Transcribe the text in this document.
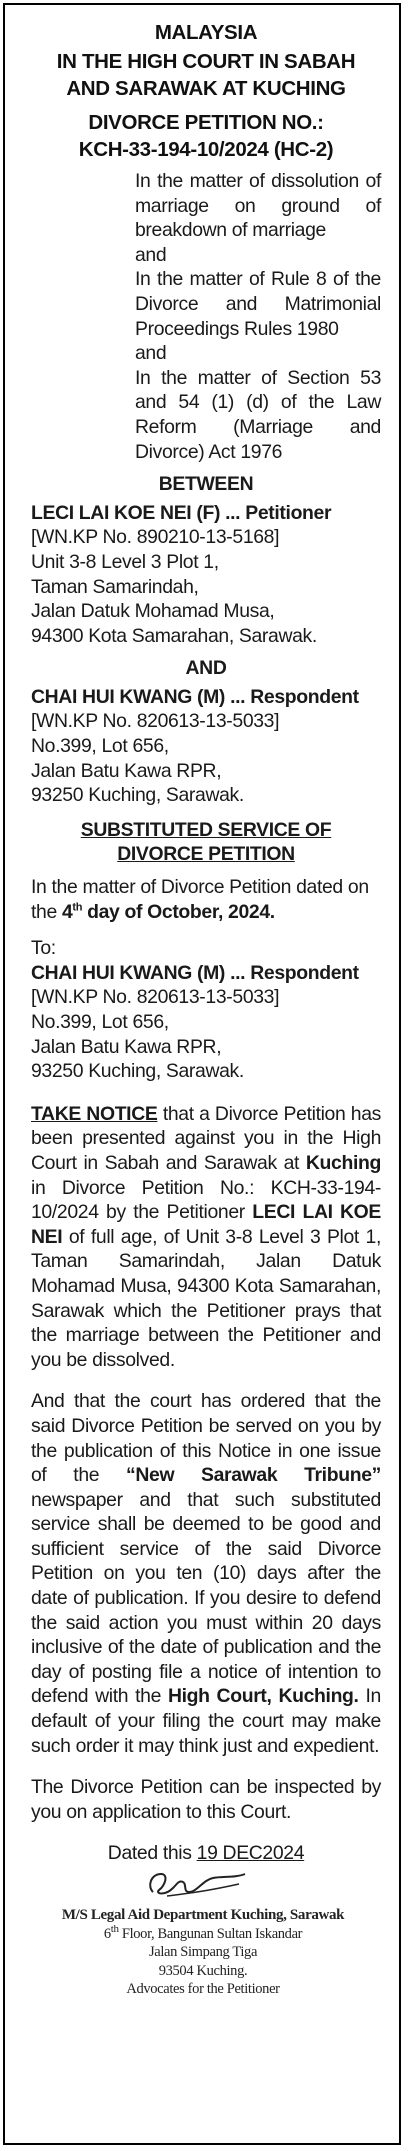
MALAYSIA
IN THE HIGH COURT IN SABAH
AND SARAWAK AT KUCHING
DIVORCE PETITION NO.:
KCH-33-194-10/2024 (HC-2)
In the matter of dissolution of marriage on ground of breakdown of marriage
and
In the matter of Rule 8 of the Divorce and Matrimonial Proceedings Rules 1980
and
In the matter of Section 53 and 54 (1) (d) of the Law Reform (Marriage and Divorce) Act 1976
BETWEEN
LECI LAI KOE NEI (F) ... Petitioner
[WN.KP No. 890210-13-5168]
Unit 3-8 Level 3 Plot 1,
Taman Samarindah,
Jalan Datuk Mohamad Musa,
94300 Kota Samarahan, Sarawak.
AND
CHAI HUI KWANG (M) ... Respondent
[WN.KP No. 820613-13-5033]
No.399, Lot 656,
Jalan Batu Kawa RPR,
93250 Kuching, Sarawak.
SUBSTITUTED SERVICE OF
DIVORCE PETITION

In the matter of Divorce Petition dated on the 4th day of October, 2024.

To:
CHAI HUI KWANG (M) ... Respondent
[WN.KP No. 820613-13-5033]
No.399, Lot 656,
Jalan Batu Kawa RPR,
93250 Kuching, Sarawak.

TAKE NOTICE that a Divorce Petition has been presented against you in the High Court in Sabah and Sarawak at Kuching in Divorce Petition No.: KCH-33-194-10/2024 by the Petitioner LECI LAI KOE NEI of full age, of Unit 3-8 Level 3 Plot 1, Taman Samarindah, Jalan Datuk Mohamad Musa, 94300 Kota Samarahan, Sarawak which the Petitioner prays that the marriage between the Petitioner and you be dissolved.

And that the court has ordered that the said Divorce Petition be served on you by the publication of this Notice in one issue of the “New Sarawak Tribune” newspaper and that such substituted service shall be deemed to be good and sufficient service of the said Divorce Petition on you ten (10) days after the date of publication. If you desire to defend the said action you must within 20 days inclusive of the date of publication and the day of posting file a notice of intention to defend with the High Court, Kuching. In default of your filing the court may make such order it may think just and expedient.

The Divorce Petition can be inspected by you on application to this Court.

Dated this 19 DEC2024
M/S Legal Aid Department Kuching, Sarawak
6th Floor, Bangunan Sultan Iskandar
Jalan Simpang Tiga
93504 Kuching.
Advocates for the Petitioner
